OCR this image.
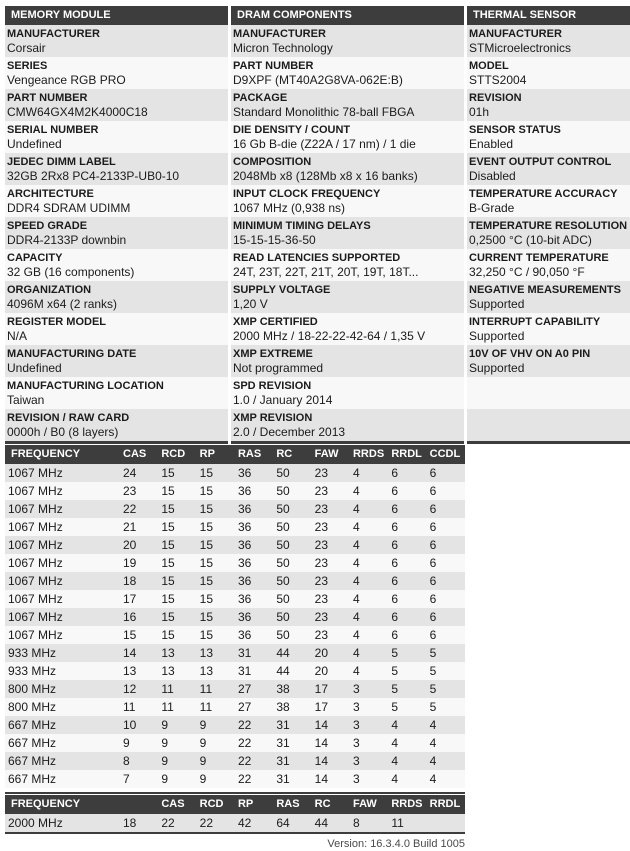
MEMORY MODULE
MANUFACTURER
Corsair
SERIES
Vengeance RGB PRO
PART NUMBER
CMW64GX4M2K4000C18
SERIAL NUMBER
Undefined
JEDEC DIMM LABEL
32GB 2Rx8 PC4-2133P-UB0-10
ARCHITECTURE
DDR4 SDRAM UDIMM
SPEED GRADE
DDR4-2133P downbin
CAPACITY
32 GB (16 components)
ORGANIZATION
4096M x64 (2 ranks)
REGISTER MODEL
N/A
MANUFACTURING DATE
Undefined
MANUFACTURING LOCATION
Taiwan
REVISION / RAW CARD
0000h / B0 (8 layers)
DRAM COMPONENTS
MANUFACTURER
Micron Technology
PART NUMBER
D9XPF (MT40A2G8VA-062E:B)
PACKAGE
Standard Monolithic 78-ball FBGA
DIE DENSITY / COUNT
16 Gb B-die (Z22A / 17 nm) / 1 die
COMPOSITION
2048Mb x8 (128Mb x8 x 16 banks)
INPUT CLOCK FREQUENCY
1067 MHz (0,938 ns)
MINIMUM TIMING DELAYS
15-15-15-36-50
READ LATENCIES SUPPORTED
24T, 23T, 22T, 21T, 20T, 19T, 18T...
SUPPLY VOLTAGE
1,20 V
XMP CERTIFIED
2000 MHz / 18-22-22-42-64 / 1,35 V
XMP EXTREME
Not programmed
SPD REVISION
1.0 / January 2014
XMP REVISION
2.0 / December 2013
THERMAL SENSOR
MANUFACTURER
STMicroelectronics
MODEL
STTS2004
REVISION
01h
SENSOR STATUS
Enabled
EVENT OUTPUT CONTROL
Disabled
TEMPERATURE ACCURACY
B-Grade
TEMPERATURE RESOLUTION
0,2500 °C (10-bit ADC)
CURRENT TEMPERATURE
32,250 °C / 90,050 °F
NEGATIVE MEASUREMENTS
Supported
INTERRUPT CAPABILITY
Supported
10V OF VHV ON A0 PIN
Supported
FREQUENCY	CAS	RCD	RP	RAS	RC	FAW	RRDS RRDL CCDL
1067 MHz	24	15	15	36	50	23	4	6	6
1067 MHz	23	15	15	36	50	23	4	6	6
1067 MHz	22	15	15	36	50	23	4	6	6
1067 MHz	21	15	15	36	50	23	4	6	6
1067 MHz	20	15	15	36	50	23	4	6	6
1067 MHz	19	15	15	36	50	23	4	6	6
1067 MHz	18	15	15	36	50	23	4	6	6
1067 MHz	17	15	15	36	50	23	4	6	6
1067 MHz	16	15	15	36	50	23	4	6	6
1067 MHz	15	15	15	36	50	23	4	6	6
933 MHz	14	13	13	31	44	20	4	5	5
933 MHz	13	13	13	31	44	20	4	5	5
800 MHz	12	11	11	27	38	17	3	5	5
800 MHz	11	11	11	27	38	17	3	5	5
667 MHz	10	9	9	22	31	14	3	4	4
667 MHz	9	9	9	22	31	14	3	4	4
667 MHz	8	9	9	22	31	14	3	4	4
667 MHz	7	9	9	22	31	14	3	4	4
FREQUENCY	CAS	RCD	RP	RAS	RC	FAW	RRDS RRDL
2000 MHz	18	22	22	42	64	44	8	11
Version: 16.3.4.0 Build 1005
